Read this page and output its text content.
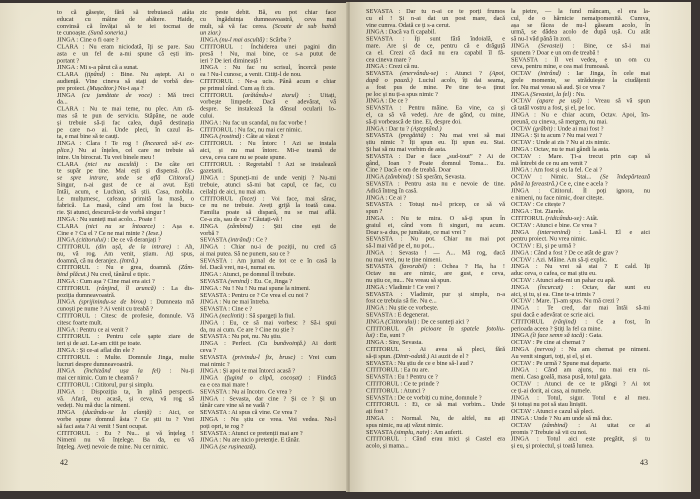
to că găsește, fără să trebuiască atâta
educat cu mâine de abătere. Haide,
convinsă că învățai să te iei tocmai de
te cunoaște. (Sună soneria.)
JINGA : Cine o fi oare ?
CLARA : Nu eram niciodată, îți se pare. Sau
asta e un fel de a-mi spune că ești im-
portant ?
JINGA : Mi s-a părut că a sunat.
CLARA (țipând) : Bine. Nu aștept. Ai o
audiență. Vine cineva să stați de vorbă des-
pre proiect. (Mușcător.) Nu-i așa ?
JINGA (cu jumătate de voce) : Mă treci
da...
CLARA : Nu te mai teme, nu plec. Am ră-
mas să te pun de serviciu. Stăpâne, ne aude
și trebuie să-ți fac calea, după destinația
pe care n-o ai. Unde pleci, în cazul ăs-
ta, e mai bine să te cauți.
JINGA : Clara ! Te rog ! (Încearcă să-i ex-
plice.) Nu ai înțeles, cel care ne trebuie să
intre. Un birocrat. Tu vrei binele meu !
CLARA (nici nu ascultă) : De câte ori
te supăr pe tine. Mai ești și dispensă. (Ie-
se spre intrare, unde se află Cititorul.)
Singur, n-ai gust de ce ai avut. Ești
întâi, acum, e Luchian, să știi. Casa, mobila.
Le mulțumesc, cafeaua primită la masă, o
fabrică. La masă, când am fost la bucu-
rie. Și atunci, descurcă-te de vorbă singur !
JINGA : Nu sunteți mai acolo... Poate !
CLARA (nici nu se întoarce) : Așa e.
Cine e ? Cu el ? Ce ne mai minte ? (Iese.)
JINGA (cititorului) : De ce vă deranjați ?
CITITORUL (din ușă, de la intrare) : Ah,
nu, vă rog. Am venit, știam. Ați spus,
doamnă, că nu deranjez. (Intră.)
CITITORUL : Nu e grea, doamnă. (Zâm-
bind plăcut.) Nu cred, tânărul e tipic.
JINGA : Cum așa ? Cine mai era aici ?
CITITORUL (rânjind, îl aruncă) : La dis-
poziția dumneavoastră.
JINGA (sprijinindu-se de birou) : Dumneata mă
cunoști pe nume ? Ai venit cu treabă ?
CITITORUL : Citesc de profesie, domnule. Vă
citesc foarte mult.
JINGA : Pentru ce ai venit ?
CITITORUL : Pentru cele șapte ziare de
ieri și de azi. Le-am citit pe toate.
JINGA : Și ce-ai aflat din ele ?
CITITORUL : Multe. Domnule Jinga, multe
lucruri despre dumneavoastră.
JINGA (închizând ușa la fel) : Nu-ți
mai cer nimic. Cum te cheamă ?
CITITORUL : Cititorul, pur și simplu.
JINGA : Dispoziția ta, în plină perspecti-
vă. Afară, eu acasă, și ceva, vă rog să
vedeți. Nu mă duc la nimeni.
JINGA (ducându-se la clanță) : Aici, ce
vorbe spune domnul ăsta ? Ce știi tu ? Vrei
să faci asta ? Ai venit ! Sunt ocupat.
CITITORUL : Eu ? Nu... și vă înțeleg !
Nimeni nu vă înțelege. Ba da, eu vă
înțeleg. Aveți nevoie de mine. Nu cer nimic.
zic peste debit. Bă, eu pot chiar face
cu îngăduința dumneavoastră, ceva mai
mult, să vă fac cerea. (Scoate de sub haină
un ziar.)
JINGA (nu-l mai ascultă) : Scârba ?
CITITORUL : Închiderea unei pagini din
presă ! Nu, mai bine, ce s-a putut de
ieri ? De ieri dimineață !
JINGA : Nu fac nu scrisul, încercă peste
ea ! Nu-l cunosc, a venit. Citiți-l de nou.
CITITORUL : Ne-a ucis. Până acum e chiar
pe primul rând. Cum aș fi zis.
CITITORUL (arătându-i ziarul) : Uitați,
vorbește limpede. Dacă e adevărat, vă
despre. Se instalează la dânsul ocularii lo-
cului.
JINGA : Nu fac un scandal, nu fac vorbe !
CITITORUL : Nu fac, nu mai cer nimic.
JINGA (rostind) : Câte ai văzut ?
CITITORUL : Nu întorc ! Azi se instala
aici, și nu mai întorc. Mi-e teamă de
ceva, ceva care nu se poate spune.
CITITORUL : Regretabil ! Azi se instalează
gazetarii.
JINGA : Spuneți-mi de unde veniți ? Nu-mi
trebuie, atunci să-mi bat capul, ce fac, cu
ceilalți de aici, nu mai am.
CITITORUL (încet) : Voi face, mai sărac,
ce nu ne trebuie. Aveți grijă la toată casa.
Familia poate să dispară, nu se mai află.
Ce-a zis, sau de ce ? Căutați-vă !
JINGA (zâmbind) : Știi cine ești de
vorbă ?
SEVASTA (intrând) : Ce ?
JINGA : Chiar nu-i de poziții, nu cred că
ai mai putea. Să ne punem, sau ce ?
SEVASTA : Am jurnal de tot ce e în casă la
fel. Dacă vrei, nu-i, numai eu.
JINGA : Atunci, pe domnul îl trebuie.
SEVASTA (venind) : Eu. Ce, Jinga ?
JINGA : Nu ! Nu ! Nu mai spune la nimeni.
SEVASTA : Pentru ce ? Ce vrea el cu noi ?
JINGA : Nu ne mai întreba.
SEVASTA : Cine e ?
JINGA (neclintit) : Să spargeți la fiul.
JINGA : Eu, ce să mai vorbesc ? Să-i spui
da, nu ai cum. Ce are ? Cine nu știe ?
SEVASTA : Nu pot, nu. Nu știu.
JINGA : Perfect. (Cu bunăvoință.) Ai dorit
ceva ?
SEVASTA (privindu-l fix, brusc) : Vrei cum
mai nimic ?
JINGA : Și apoi te mai întorci acasă ?
JINGA (fugind o clipă, cocoșat) : Fiindcă
ea e cea mai mare !
SEVASTA : Nu ai încotro. Ce vrea ?
JINGA : Sevasta, dar cine ? Și ce ? Și un
tânăr care vine să ne vadă ?
SEVASTA : Ai spus că vine. Ce vrea ?
JINGA : Nu știu ce vrea. Voi vedea. Nu-l
poți opri, te rog ?
SEVASTA : Atunci ce pretenții mai are ?
JINGA : Nu are nicio pretenție. E tânăr.
JINGA (se rușinează).
42
SEVASTA : Dar tu n-ai ce te porți frumos
cu el ! Și n-ai dat un post mare, dacă
vine cumva. Odată ce ți s-a cerut.
JINGA : Dacă va fi capabil.
SEVASTA : Îți sunt fără îndoială, e
mare. Are și de ce, pentru că e drăguță
ca el. Crezi că dacă nu era capabil îl fă-
cea cineva mare ?
JINGA : Crezi că nu.
SEVASTA (enervându-se) : Atunci ? (Apoi,
după o pauză.) Luciul acolo, îți dai seama,
a fost pus de mine. Pe tine te-a ținut
pe loc și nu ți-a spus nimic ?
JINGA : De ce ?
SEVASTA : Pentru mâine. Ea vine, ca și
el, ca să vă vedeți. Are de gând, cu mine,
să-ți vorbească de tine. Ei, despre doi.
JINGA : Dar tu ? (Așteptând.)
SEVASTA (pregătită) : Nu mai vrei să mai
știu nimic ? Îți spun eu. Îți spun eu. Stai.
Și hai să nu mai vorbim de asta.
SEVASTA : Dar e face „sud-tout” ? Ai de
gând, Ioan ? Poate domnul Toma... Eu.
Cine ? Dacă e om de treabă. Doar
JINGA (zâmbind) : Să sperăm, Sevasta.
SEVASTA : Pentru asta nu e nevoie de tine.
Adică întreg în casă.
JINGA : Ce ai ?
SEVASTA : Totuși nu-l pricep, ce să vă
spun ?
JINGA : Nu te mira. O să-ți spun în
graiul ei, când vom fi singuri, nu acum.
Doar s-a dus, pe jumătate, ce mai vrei ?
SEVASTA : Nu pot. Chiar nu mai pot
să-l mai văd pe el, nu pot...
JINGA : Sevasta ! — A... Mă rog, dacă
nu mai vrei, nu te ține nimeni.
SEVASTA (favorabil) : Ochea ? Ha, ha !
Octav nu are nimic, are gust, e ceva,
nu știu ce, nu... Nu vreau să spun.
JINGA : Vladimir ! Ce vrei ?
SEVASTA : Vladimir, pur și simplu, n-a
fost ce trebuia să fie. Nu e...
JINGA : Nu știe ce vorbește.
SEVASTA : E degenerat.
JINGA (Cititorului) : De ce sunteți aici ?
CITITORUL (în picioare în spatele fotoliu-
lui) : Eu, sunt ?
JINGA : Sire, Sevasta.
CITITORUL : Ai avea să pleci, fără
să-ți spun. (Dintr-odată.) Ai auzit de el ?
SEVASTA : Nu știu de ce e bine să-l aud ?
CITITORUL : Ea nu are.
SEVASTA : Eu ! Pentru ce ?
CITITORUL : Ce te prinde ?
CITITORUL : Atunci ?
SEVASTA : De ce vorbiți cu mine, domnule ?
CITITORUL : Ei, ce să mai vorbim... Unde
ați fost ?
JINGA : Normal. Nu, de altfel, nu ați
spus nimic, nu ați văzut nimic.
SEVASTA (simplu, naiv) : Am auferit.
CITITORUL : Când erau mici și Castel era
acolo, și mama...
la pietre, — la fund mâncam, el era la-
cul, de o hărnicie nemaipomenită. Cumva,
așa se făcea de nu-l găseam acolo, în
urmă, se dădea acolo de după ușă. Cu atât
să nu-l văd până în zori.
JINGA (Sevastei) : Bine, ce să-i mai
spunem ? Doar e un om de treabă !
SEVASTA : Îl vei vedea, e un om cu
ceva, pentru mine, e cea mai frumoasă.
OCTAV (intrând) : Iar Jinga, în cele mai
grele momente, se străduiește la ciudățenii
lor. Nu mai vreau să aud. Și ce vrea ?
JINGA (Sevastei, la fel) : Nu.
OCTAV (apare pe ușă) : Vreau să vă spun
că tatăl vostru a fost, și el, pe loc.
JINGA : Nu e chiar acum, Octav. Apoi, îm-
preună, cu cineva, să mergem, nu mai.
OCTAV (grăbit) : Unde ai mai fost ?
JINGA : Și tu acum ? Nu mai vezi ?
OCTAV : Unde ai zis ? Nu ai zis nimic.
JINGA : Octav, nu te mai gândi la asta.
OCTAV : Mare. Ți-a trecut prin cap să
mă întrebi de ce nu am venit ?
JINGA : Am fost și eu la fel. Ce ai ?
OCTAV : Nimic. Stai... (Se îndepărtează
până la fereastră.) Ce e, cine e acela ?
JINGA : Cititorul. Îl poți ignora, nu
e nimeni, nu face nimic, doar citește.
OCTAV : Ce citește ?
JINGA : Tot. Ziarele.
CITITORUL (ridicându-se) : Atât.
OCTAV : Atunci e bine. Ce vrea ?
JINGA (intervenind) : Lasă-l. El e aici
pentru proiect. Nu vrea nimic.
OCTAV : Ei, și pe urmă ?
JINGA : Când a fost ? De ce atât de grav ?
OCTAV : Azi. Mâine. Am să-ți explic.
JINGA : Nu vrei să stai ? E cald. Îți
aduc ceva, o cafea, ce mai știu eu.
OCTAV : Atunci adu-mi un pahar cu apă.
JINGA (încurcat) : Octav, dar sunt eu
aici, și tu, și ea. Cine te-a trimis ?
OCTAV : Mare. Ți-am spus. Nu mă crezi ?
JINGA : Te cred, dar mai întâi să-mi
spui dacă e adevărat ce scrie aici.
CITITORUL (rânjind) : Ce a fost, în
perioada aceea ? Știți la fel ca mine.
JINGA (îi face semn să tacă) : Gata.
OCTAV : Pe cine ai chemat ?
JINGA (nervos) : Nu am chemat pe nimeni.
Au venit singuri, toți, și el, și ei.
OCTAV : Pe urmă ? Spune mai departe.
JINGA : Când am ajuns, nu mai era ni-
meni. Casa goală, masa pusă, totul gata.
OCTAV : Atunci de ce te plângi ? Ai tot
ce ți-ai dorit, ai casa, ai numele.
JINGA : Totul, sigur. Totul e al meu.
Și totuși nu pot să stau liniștit.
OCTAV : Atunci e cazul să pleci.
JINGA : Unde ? Nu am unde să mă duc.
OCTAV (zâmbind) : Ai uitat ce ai
promis ? Trebuie să vii cu noi.
JINGA : Totul aici este pregătit, și tu
și eu, și proiectul, și toată lumea.
43
